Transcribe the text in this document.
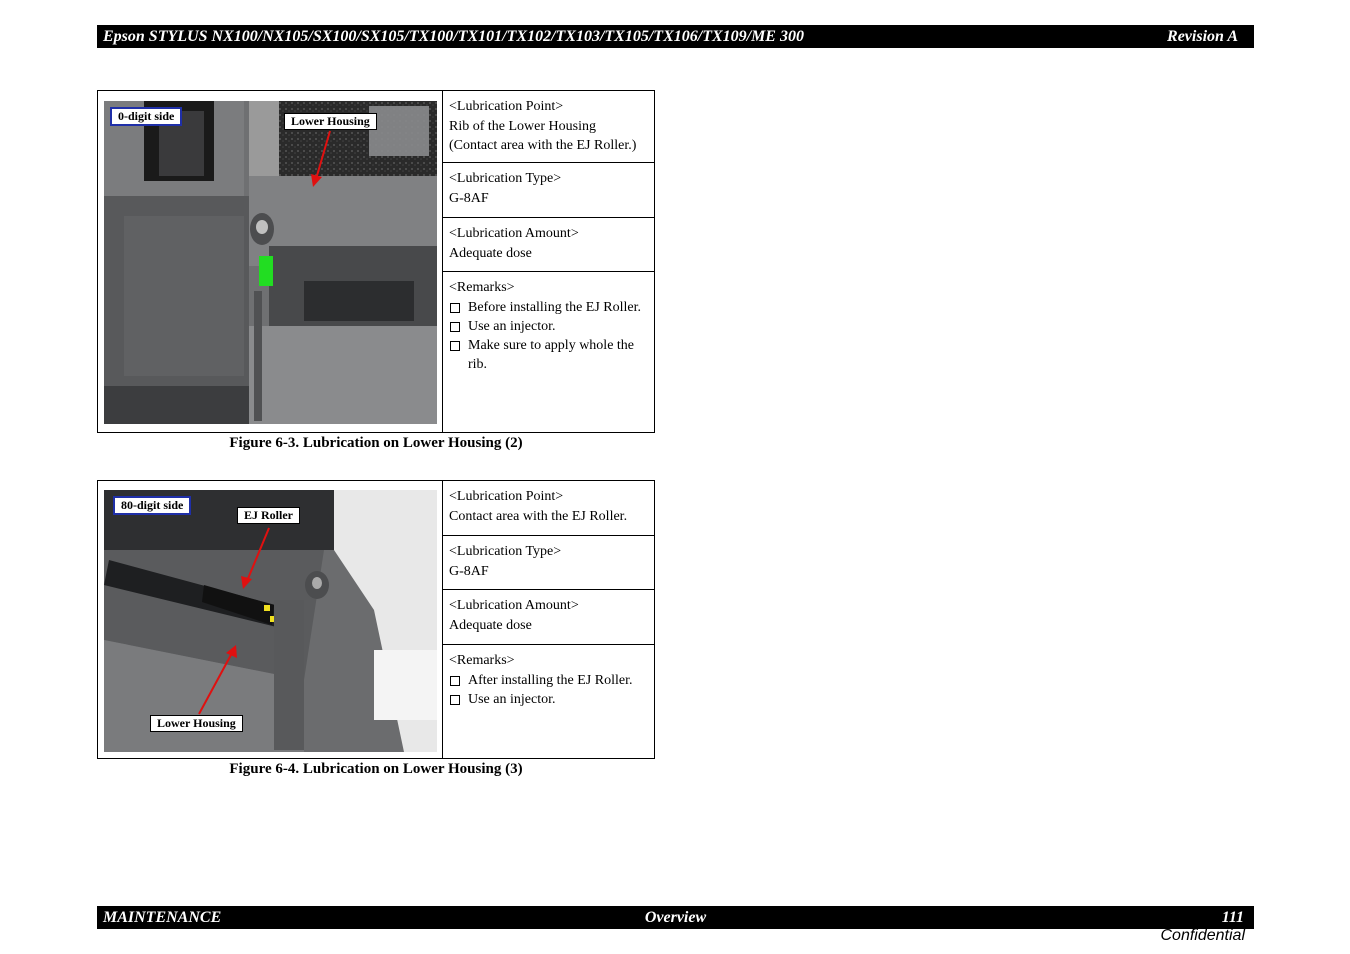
Epson STYLUS NX100/NX105/SX100/SX105/TX100/TX101/TX102/TX103/TX105/TX106/TX109/ME 300	Revision A
0-digit side	Lower Housing
<Lubrication Point>
Rib of the Lower Housing
(Contact area with the EJ Roller.)
<Lubrication Type>
G-8AF
<Lubrication Amount>
Adequate dose
<Remarks>
Before installing the EJ Roller.
Use an injector.
Make sure to apply whole the rib.
Figure 6-3. Lubrication on Lower Housing (2)
80-digit side
EJ Roller
Lower Housing
<Lubrication Point>
Contact area with the EJ Roller.
<Lubrication Type>
G-8AF
<Lubrication Amount>
Adequate dose
<Remarks>
After installing the EJ Roller.
Use an injector.
Figure 6-4. Lubrication on Lower Housing (3)
Overview
MAINTENANCE	111
Confidential
